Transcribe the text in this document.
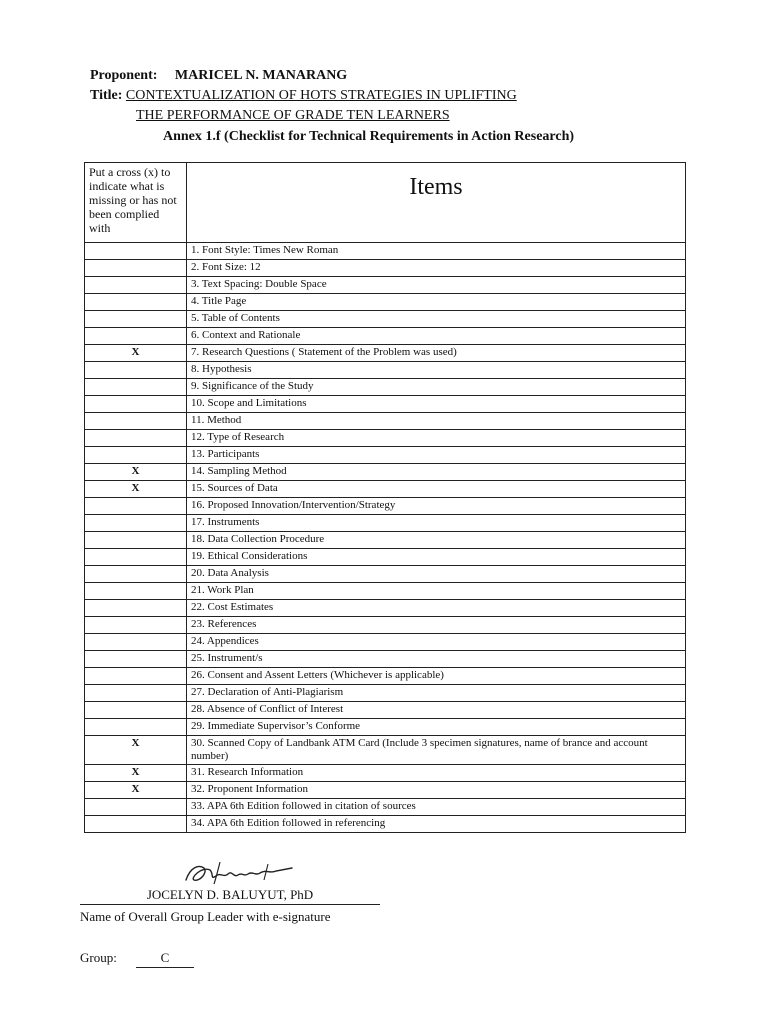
Proponent: MARICEL N. MANARANG
Title: CONTEXTUALIZATION OF HOTS STRATEGIES IN UPLIFTING
THE PERFORMANCE OF GRADE TEN LEARNERS
Annex 1.f (Checklist for Technical Requirements in Action Research)
Put a cross (x) to indicate what is missing or has not been complied with	Items
	1. Font Style: Times New Roman
	2. Font Size: 12
	3. Text Spacing: Double Space
	4. Title Page
	5. Table of Contents
	6. Context and Rationale
X	7. Research Questions ( Statement of the Problem was used)
	8. Hypothesis
	9. Significance of the Study
	10. Scope and Limitations
	11. Method
	12. Type of Research
	13. Participants
X	14. Sampling Method
X	15. Sources of Data
	16. Proposed Innovation/Intervention/Strategy
	17. Instruments
	18. Data Collection Procedure
	19. Ethical Considerations
	20. Data Analysis
	21. Work Plan
	22. Cost Estimates
	23. References
	24. Appendices
	25. Instrument/s
	26. Consent and Assent Letters (Whichever is applicable)
	27. Declaration of Anti-Plagiarism
	28. Absence of Conflict of Interest
	29. Immediate Supervisor’s Conforme
X	30. Scanned Copy of Landbank ATM Card (Include 3 specimen signatures, name of brance and account number)
X	31. Research Information
X	32. Proponent Information
	33. APA 6th Edition followed in citation of sources
	34. APA 6th Edition followed in referencing
JOCELYN D. BALUYUT, PhD
Name of Overall Group Leader with e-signature
Group:	C
